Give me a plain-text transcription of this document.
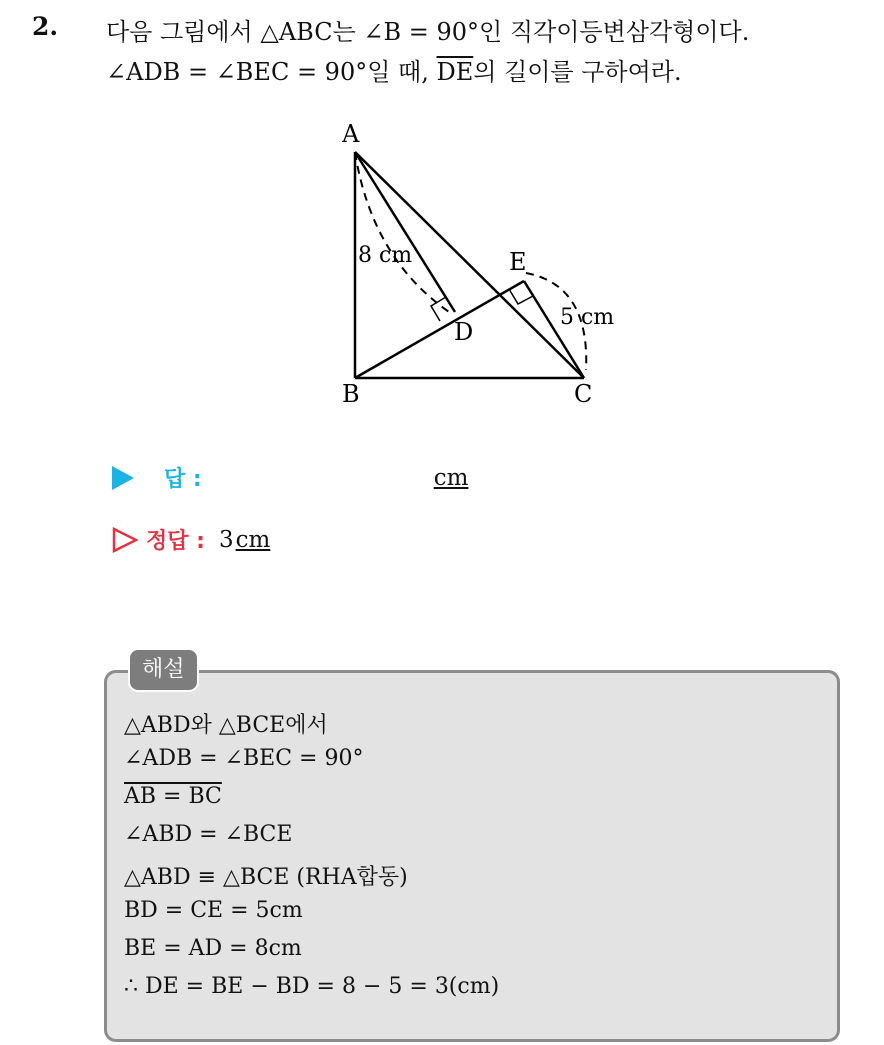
2. 다음 그림에서 △ABC는 ∠B = 90°인 직각이등변삼각형이다.
∠ADB = ∠BEC = 90°일 때, $\overline{DE}$의 길이를 구하여라.
A
B	C
D
E
8 cm
5 cm
답 :	cm
정답 : 3 cm
해설
△ABD와 △BCE에서
∠ADB = ∠BEC = 90°
AB = BC
∠ABD = ∠BCE
△ABD ≡ △BCE (RHA합동)
BD = CE = 5cm
BE = AD = 8cm
∴ DE = BE − BD = 8 − 5 = 3(cm)
